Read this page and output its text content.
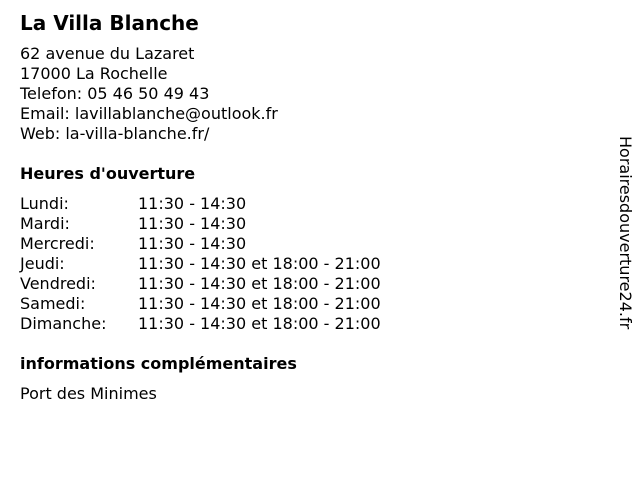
La Villa Blanche
62 avenue du Lazaret
17000 La Rochelle
Telefon: 05 46 50 49 43
Email: lavillablanche@outlook.fr
Web: la-villa-blanche.fr/
Heures d'ouverture
Lundi:	11:30 - 14:30
Mardi:	11:30 - 14:30
Mercredi:	11:30 - 14:30
Jeudi:	11:30 - 14:30 et 18:00 - 21:00
Vendredi:	11:30 - 14:30 et 18:00 - 21:00
Samedi:	11:30 - 14:30 et 18:00 - 21:00
Dimanche:	11:30 - 14:30 et 18:00 - 21:00
informations complémentaires
Port des Minimes
Horairesdouverture24.fr
